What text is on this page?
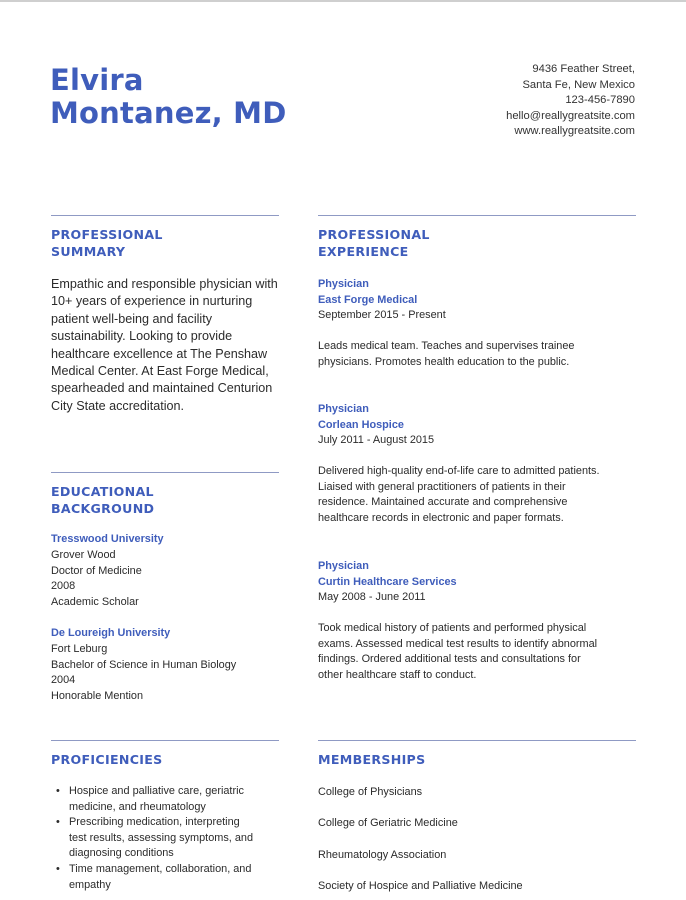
Elvira
Montanez, MD
9436 Feather Street,
Santa Fe, New Mexico
123-456-7890
hello@reallygreatsite.com
www.reallygreatsite.com
PROFESSIONAL
SUMMARY

Empathic and responsible physician with 10+ years of experience in nurturing patient well-being and facility sustainability. Looking to provide healthcare excellence at The Penshaw Medical Center. At East Forge Medical, spearheaded and maintained Centurion City State accreditation.

EDUCATIONAL
BACKGROUND
Tresswood University
Grover Wood
Doctor of Medicine
2008
Academic Scholar
De Loureigh University
Fort Leburg
Bachelor of Science in Human Biology
2004
Honorable Mention
PROFESSIONAL
EXPERIENCE
Physician
East Forge Medical
September 2015 - Present
Leads medical team. Teaches and supervises trainee
physicians. Promotes health education to the public.
Physician
Corlean Hospice
July 2011 - August 2015
Delivered high-quality end-of-life care to admitted patients.
Liaised with general practitioners of patients in their
residence. Maintained accurate and comprehensive
healthcare records in electronic and paper formats.
Physician
Curtin Healthcare Services
May 2008 - June 2011
Took medical history of patients and performed physical
exams. Assessed medical test results to identify abnormal
findings. Ordered additional tests and consultations for
other healthcare staff to conduct.
PROFICIENCIES
• Hospice and palliative care, geriatric
medicine, and rheumatology
• Prescribing medication, interpreting
test results, assessing symptoms, and
diagnosing conditions
• Time management, collaboration, and
empathy
MEMBERSHIPS
College of Physicians
College of Geriatric Medicine
Rheumatology Association
Society of Hospice and Palliative Medicine
